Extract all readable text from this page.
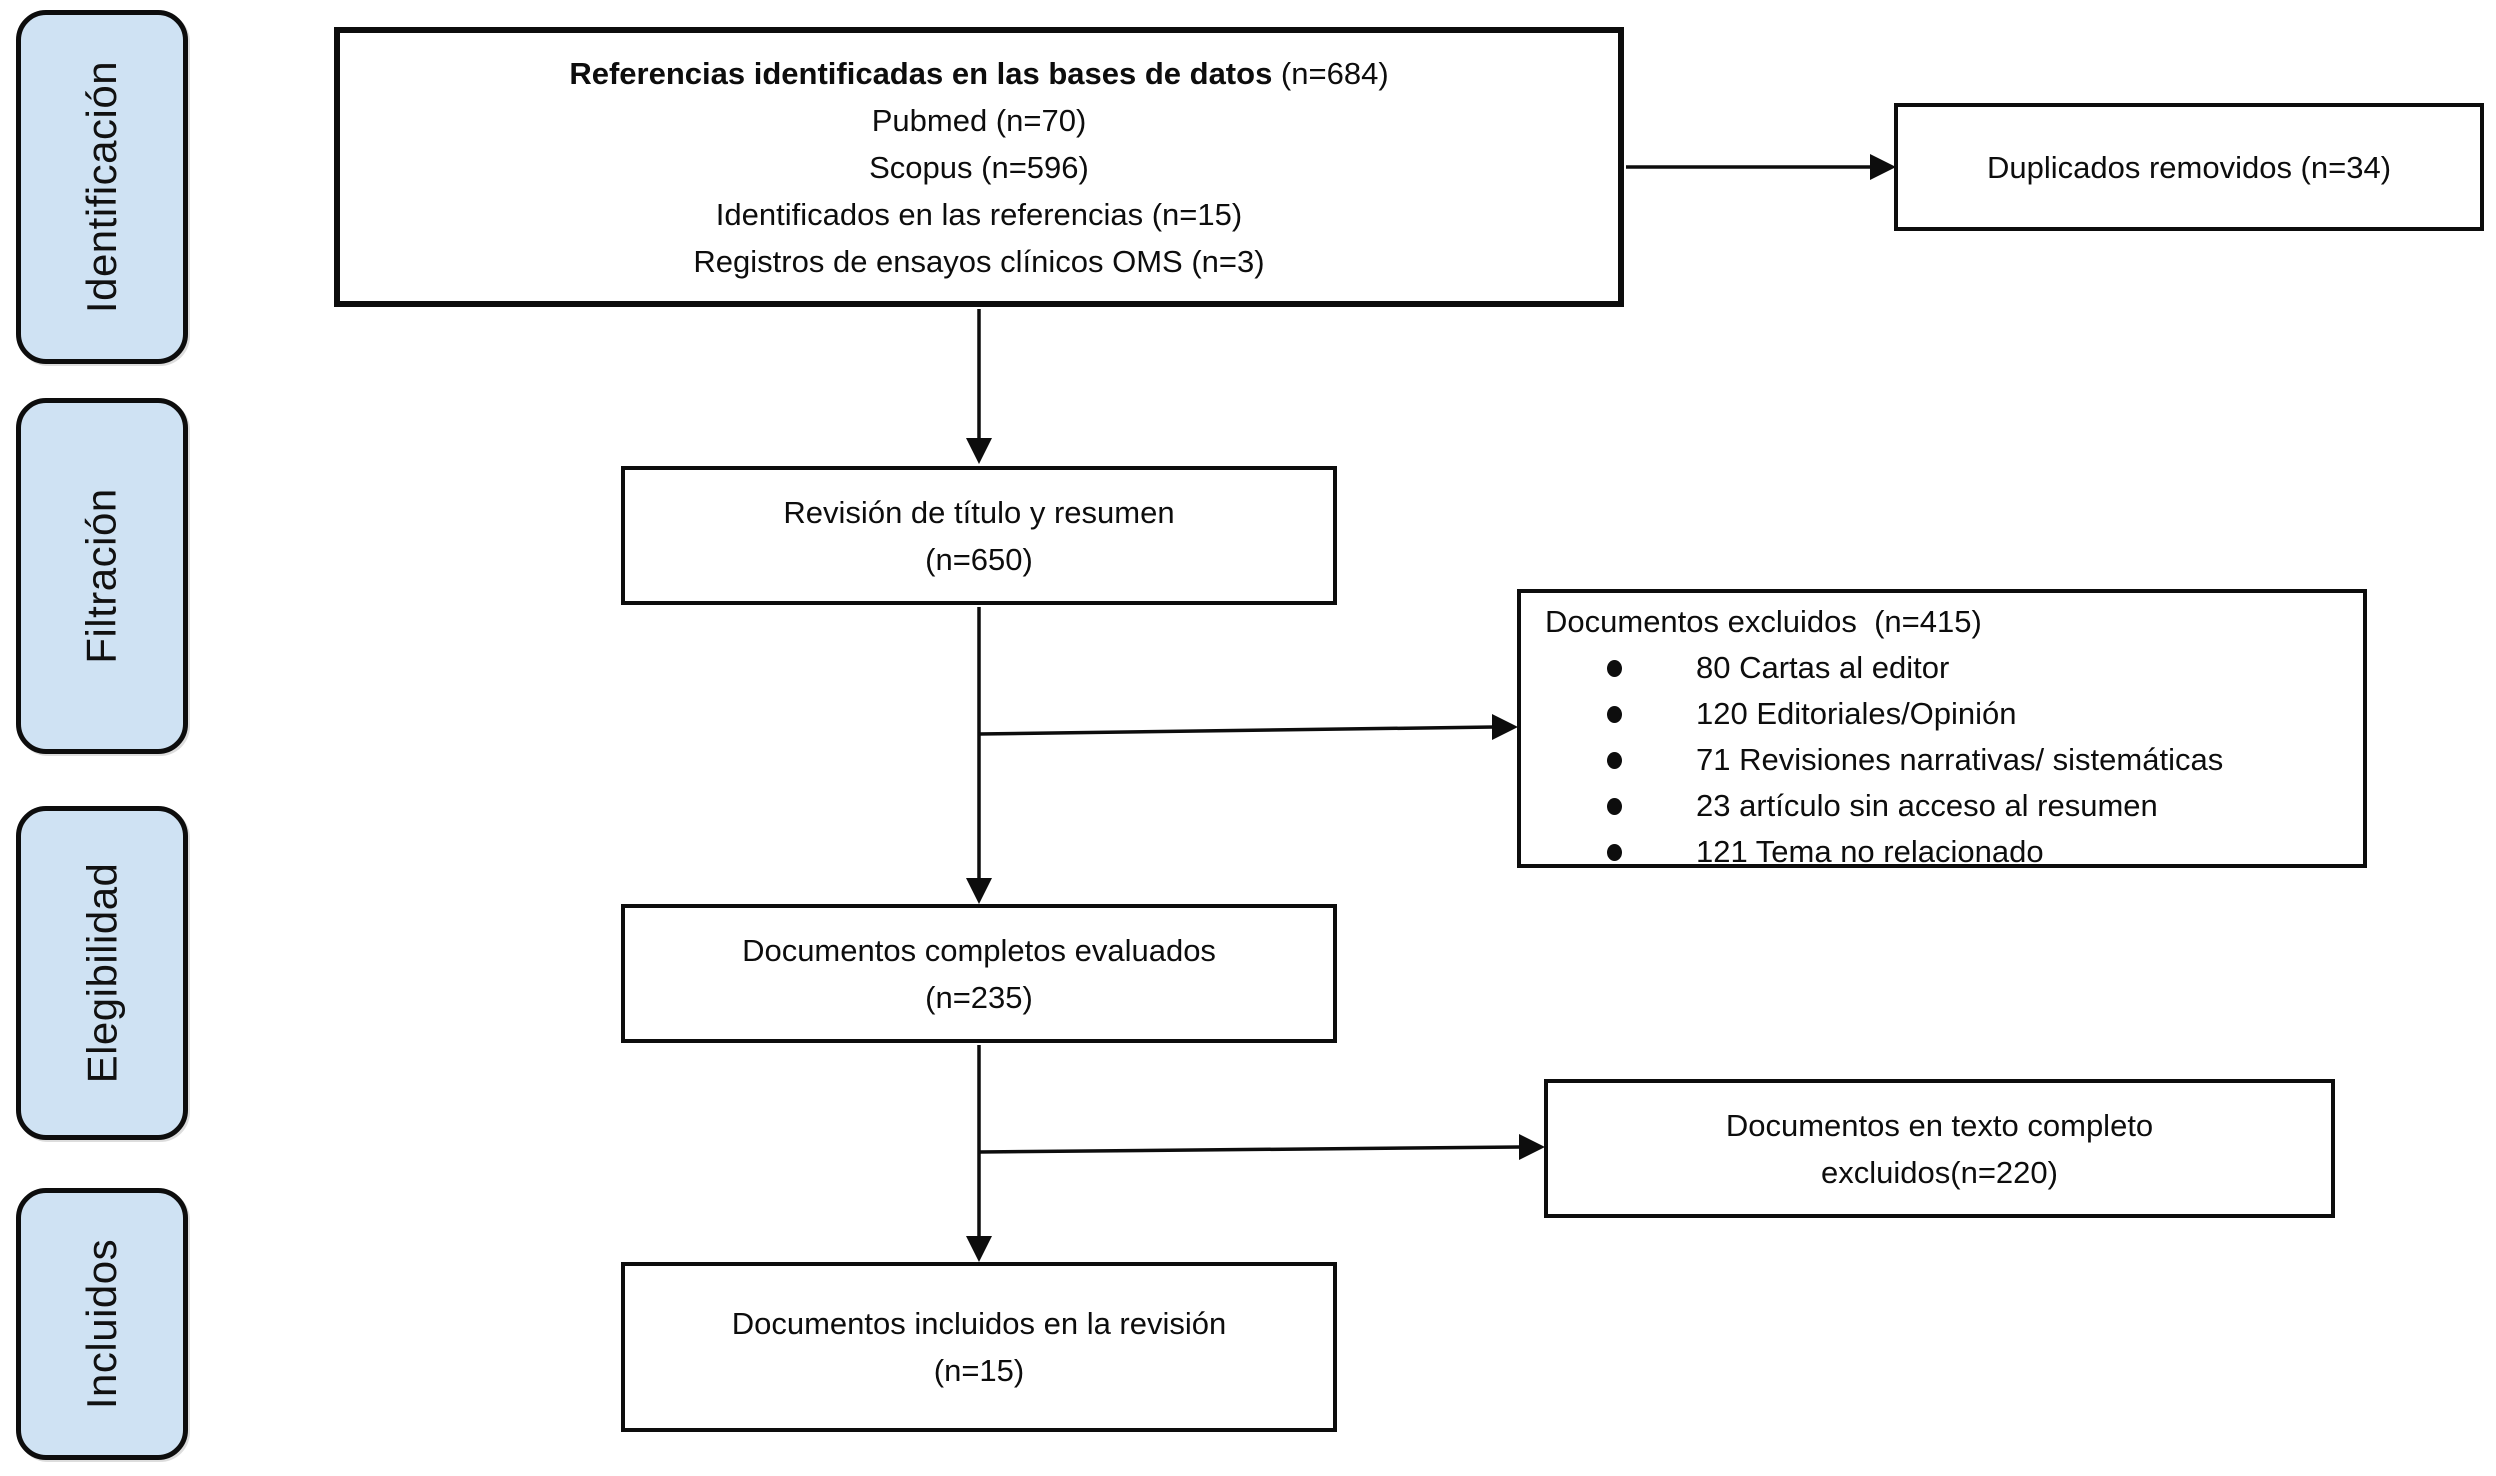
Identificación
Filtración
Elegibilidad
Incluidos
Referencias identificadas en las bases de datos (n=684)
Pubmed (n=70)
Scopus (n=596)
Identificados en las referencias (n=15)
Registros de ensayos clínicos OMS (n=3)
Duplicados removidos (n=34)
Revisión de título y resumen
(n=650)
Documentos excluidos  (n=415)
80 Cartas al editor
120 Editoriales/Opinión
71 Revisiones narrativas/ sistemáticas
23 artículo sin acceso al resumen
121 Tema no relacionado
Documentos completos evaluados
(n=235)
Documentos en texto completo
excluidos(n=220)
Documentos incluidos en la revisión
(n=15)
